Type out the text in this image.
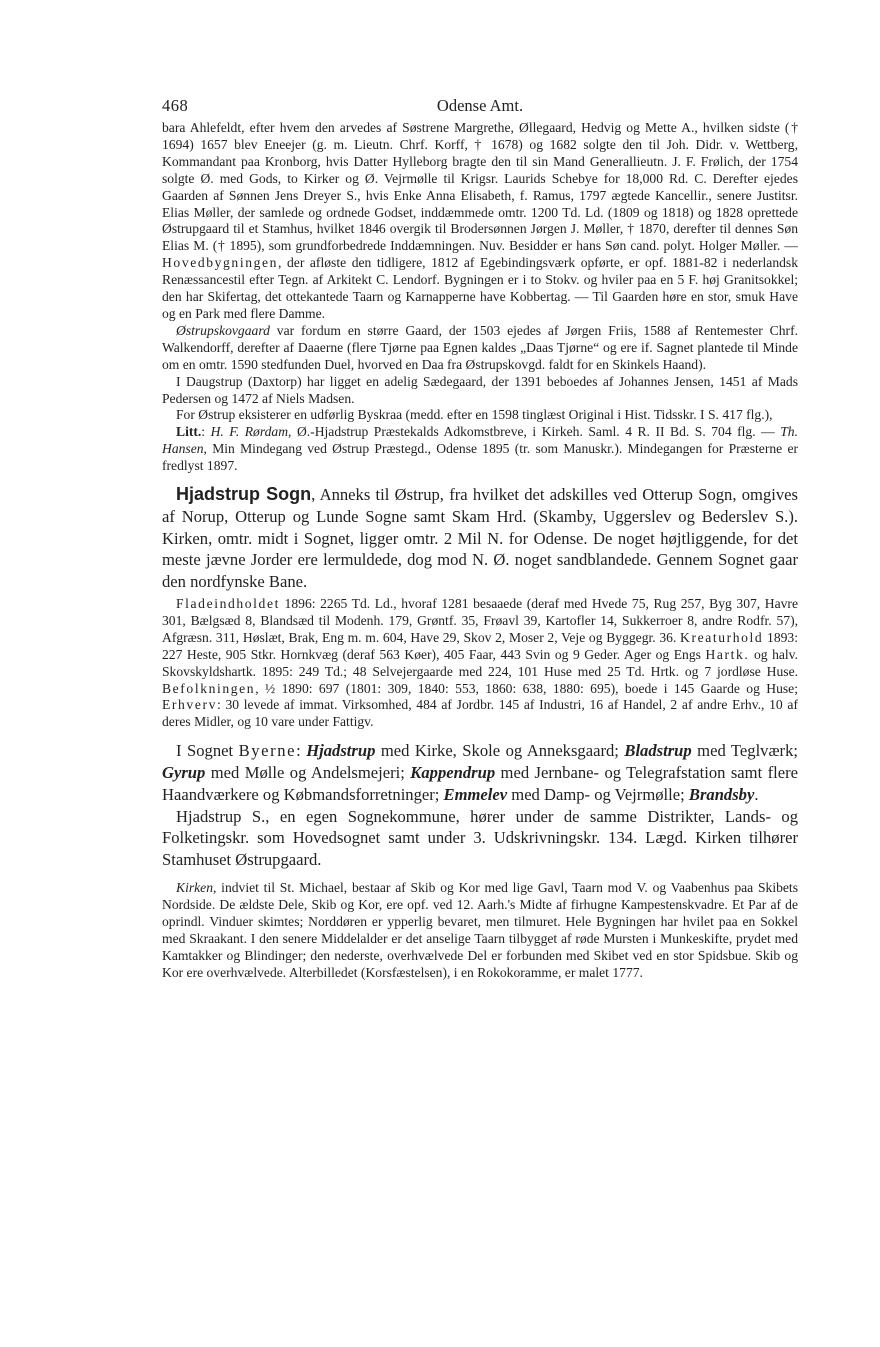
468	Odense Amt.

bara Ahlefeldt, efter hvem den arvedes af Søstrene Margrethe, Øllegaard, Hedvig og Mette A., hvilken sidste († 1694) 1657 blev Eneejer (g. m. Lieutn. Chrf. Korff, † 1678) og 1682 solgte den til Joh. Didr. v. Wettberg, Kommandant paa Kronborg, hvis Datter Hylleborg bragte den til sin Mand Generallieutn. J. F. Frølich, der 1754 solgte Ø. med Gods, to Kirker og Ø. Vejrmølle til Krigsr. Laurids Schebye for 18,000 Rd. C. Derefter ejedes Gaarden af Sønnen Jens Dreyer S., hvis Enke Anna Elisabeth, f. Ramus, 1797 ægtede Kancellir., senere Justitsr. Elias Møller, der samlede og ordnede Godset, inddæmmede omtr. 1200 Td. Ld. (1809 og 1818) og 1828 oprettede Østrupgaard til et Stamhus, hvilket 1846 overgik til Brodersønnen Jørgen J. Møller, † 1870, derefter til dennes Søn Elias M. († 1895), som grundforbedrede Inddæmningen. Nuv. Besidder er hans Søn cand. polyt. Holger Møller. — Hovedbygningen, der afløste den tidligere, 1812 af Egebindingsværk opførte, er opf. 1881-82 i nederlandsk Renæssancestil efter Tegn. af Arkitekt C. Lendorf. Bygningen er i to Stokv. og hviler paa en 5 F. høj Granitsokkel; den har Skifertag, det ottekantede Taarn og Karnapperne have Kobbertag. — Til Gaarden høre en stor, smuk Have og en Park med flere Damme.

Østrupskovgaard var fordum en større Gaard, der 1503 ejedes af Jørgen Friis, 1588 af Rentemester Chrf. Walkendorff, derefter af Daaerne (flere Tjørne paa Egnen kaldes „Daas Tjørne“ og ere if. Sagnet plantede til Minde om en omtr. 1590 stedfunden Duel, hvorved en Daa fra Østrupskovgd. faldt for en Skinkels Haand).

I Daugstrup (Daxtorp) har ligget en adelig Sædegaard, der 1391 beboedes af Johannes Jensen, 1451 af Mads Pedersen og 1472 af Niels Madsen.

For Østrup eksisterer en udførlig Byskraa (medd. efter en 1598 tinglæst Original i Hist. Tidsskr. I S. 417 flg.),

Litt.: H. F. Rørdam, Ø.-Hjadstrup Præstekalds Adkomstbreve, i Kirkeh. Saml. 4 R. II Bd. S. 704 flg. — Th. Hansen, Min Mindegang ved Østrup Præstegd., Odense 1895 (tr. som Manuskr.). Mindegangen for Præsterne er fredlyst 1897.

Hjadstrup Sogn, Anneks til Østrup, fra hvilket det adskilles ved Otterup Sogn, omgives af Norup, Otterup og Lunde Sogne samt Skam Hrd. (Skamby, Uggerslev og Bederslev S.). Kirken, omtr. midt i Sognet, ligger omtr. 2 Mil N. for Odense. De noget højtliggende, for det meste jævne Jorder ere lermuldede, dog mod N. Ø. noget sandblandede. Gennem Sognet gaar den nordfynske Bane.

Fladeindholdet 1896: 2265 Td. Ld., hvoraf 1281 besaaede (deraf med Hvede 75, Rug 257, Byg 307, Havre 301, Bælgsæd 8, Blandsæd til Modenh. 179, Grøntf. 35, Frøavl 39, Kartofler 14, Sukkerroer 8, andre Rodfr. 57), Afgræsn. 311, Høslæt, Brak, Eng m. m. 604, Have 29, Skov 2, Moser 2, Veje og Byggegr. 36. Kreaturhold 1893: 227 Heste, 905 Stkr. Hornkvæg (deraf 563 Køer), 405 Faar, 443 Svin og 9 Geder. Ager og Engs Hartk. og halv. Skovskyldshartk. 1895: 249 Td.; 48 Selvejergaarde med 224, 101 Huse med 25 Td. Hrtk. og 7 jordløse Huse. Befolkningen, ½ 1890: 697 (1801: 309, 1840: 553, 1860: 638, 1880: 695), boede i 145 Gaarde og Huse; Erhverv: 30 levede af immat. Virksomhed, 484 af Jordbr. 145 af Industri, 16 af Handel, 2 af andre Erhv., 10 af deres Midler, og 10 vare under Fattigv.

I Sognet Byerne: Hjadstrup med Kirke, Skole og Anneksgaard; Bladstrup med Teglværk; Gyrup med Mølle og Andelsmejeri; Kappendrup med Jernbane- og Telegrafstation samt flere Haandværkere og Købmandsforretninger; Emmelev med Damp- og Vejrmølle; Brandsby.

Hjadstrup S., en egen Sognekommune, hører under de samme Distrikter, Lands- og Folketingskr. som Hovedsognet samt under 3. Udskrivningskr. 134. Lægd. Kirken tilhører Stamhuset Østrupgaard.

Kirken, indviet til St. Michael, bestaar af Skib og Kor med lige Gavl, Taarn mod V. og Vaabenhus paa Skibets Nordside. De ældste Dele, Skib og Kor, ere opf. ved 12. Aarh.'s Midte af firhugne Kampestenskvadre. Et Par af de oprindl. Vinduer skimtes; Norddøren er ypperlig bevaret, men tilmuret. Hele Bygningen har hvilet paa en Sokkel med Skraakant. I den senere Middelalder er det anselige Taarn tilbygget af røde Mursten i Munkeskifte, prydet med Kamtakker og Blindinger; den nederste, overhvælvede Del er forbunden med Skibet ved en stor Spidsbue. Skib og Kor ere overhvælvede. Alterbilledet (Korsfæstelsen), i en Rokokoramme, er malet 1777.
